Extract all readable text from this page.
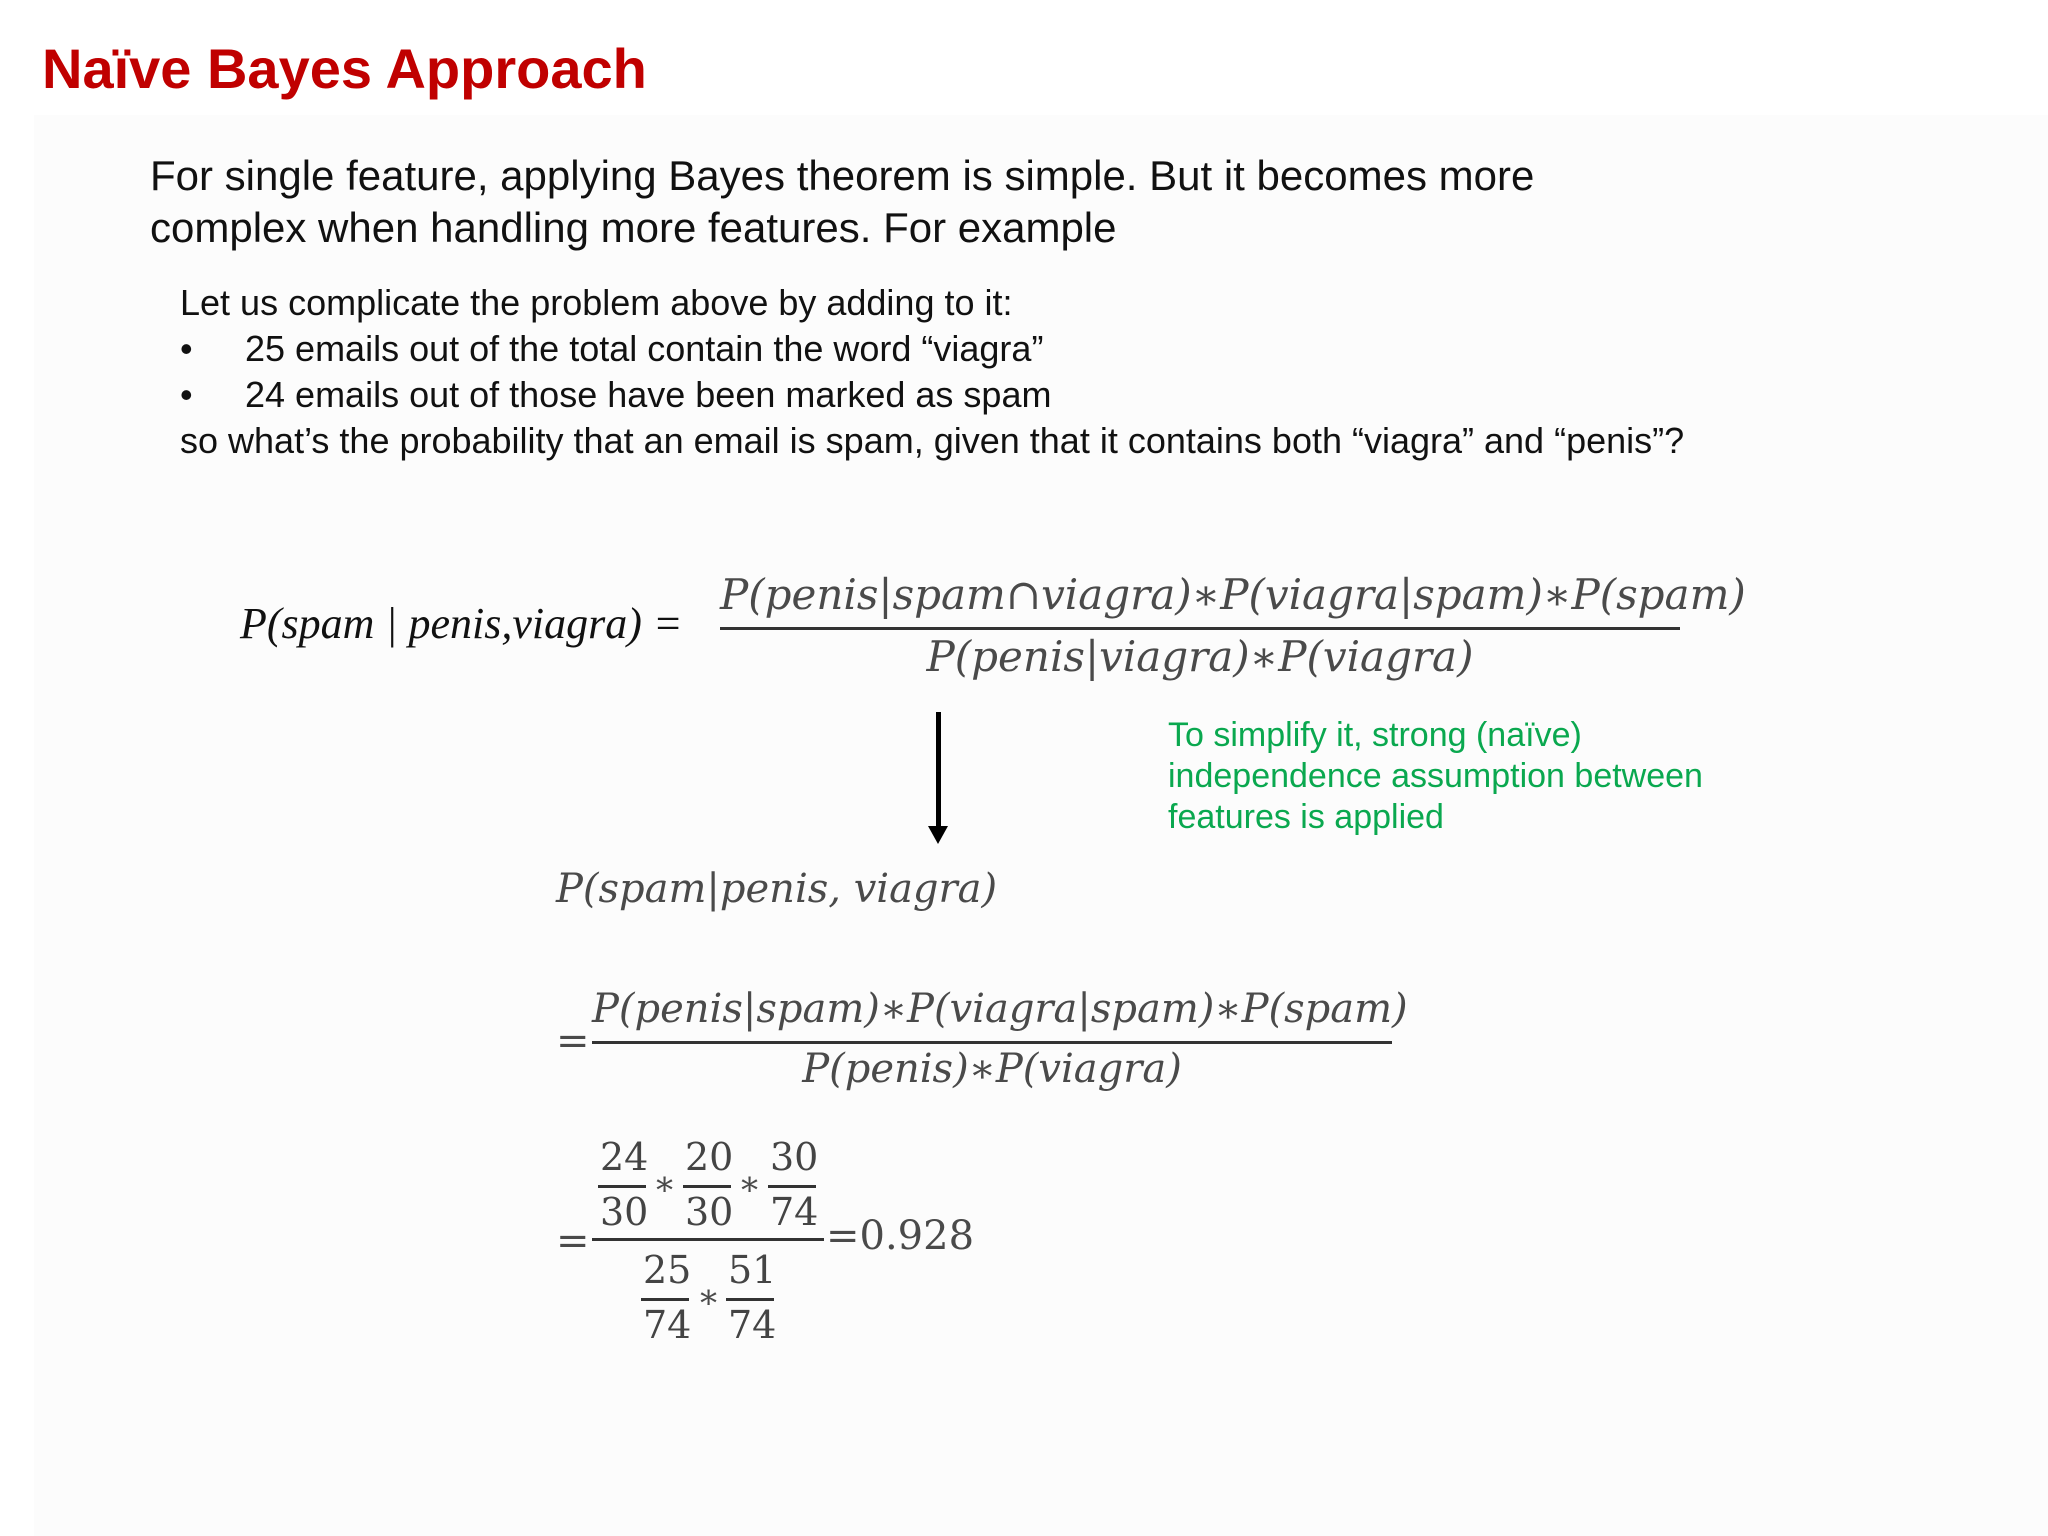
Naïve Bayes Approach
For single feature, applying Bayes theorem is simple. But it becomes more
complex when handling more features. For example
Let us complicate the problem above by adding to it:
• 25 emails out of the total contain the word “viagra”
• 24 emails out of those have been marked as spam
so what’s the probability that an email is spam, given that it contains both “viagra” and “penis”?
P(spam | penis,viagra) =
P(penis|spam∩viagra)∗P(viagra|spam)∗P(spam)
P(penis|viagra)∗P(viagra)
To simplify it, strong (naïve)
independence assumption between
features is applied
P(spam|penis, viagra)
=
P(penis|spam)∗P(viagra|spam)∗P(spam)
P(penis)∗P(viagra)
=
24
30
∗
20
30
∗
30
74
25
74
∗
51
74
=0.928
